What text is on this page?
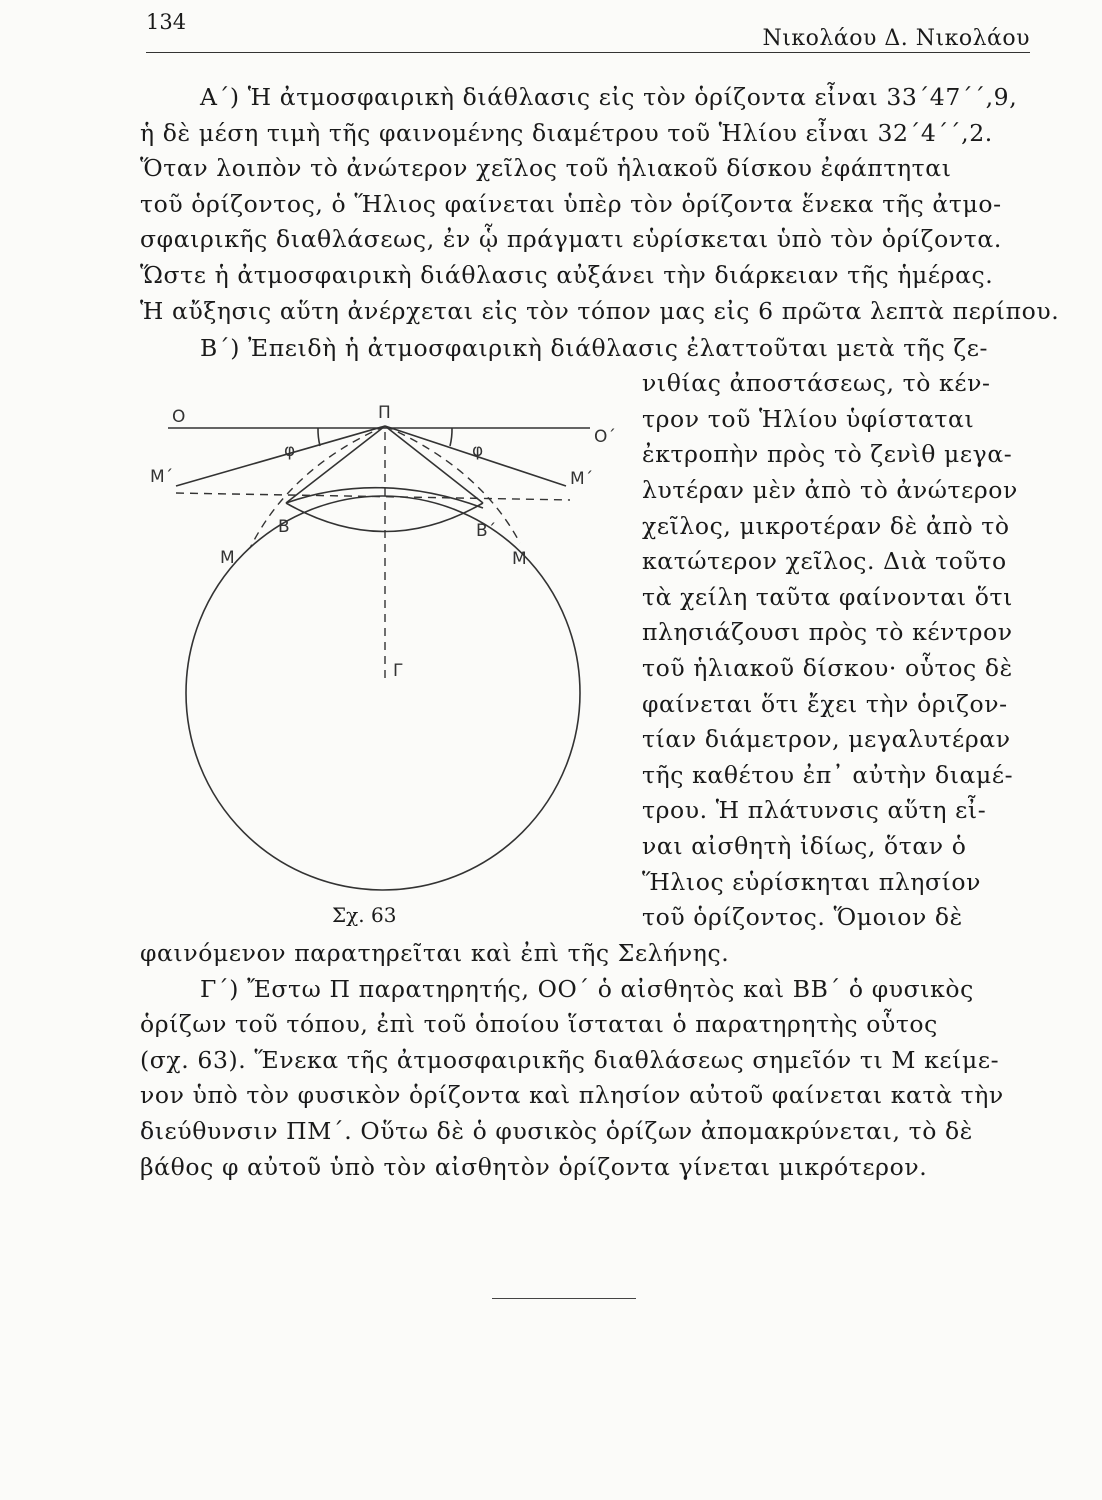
134
Νικολάου Δ. Νικολάου
Α΄) Ἡ ἀτμοσφαιρικὴ διάθλασις εἰς τὸν ὁρίζοντα εἶναι 33΄47΄΄,9,
ἡ δὲ μέση τιμὴ τῆς φαινομένης διαμέτρου τοῦ Ἡλίου εἶναι 32΄4΄΄,2.
Ὅταν λοιπὸν τὸ ἀνώτερον χεῖλος τοῦ ἡλιακοῦ δίσκου ἐφάπτηται
τοῦ ὁρίζοντος, ὁ Ἥλιος φαίνεται ὑπὲρ τὸν ὁρίζοντα ἕνεκα τῆς ἀτμο-
σφαιρικῆς διαθλάσεως, ἐν ᾧ πράγματι εὑρίσκεται ὑπὸ τὸν ὁρίζοντα.
Ὥστε ἡ ἀτμοσφαιρικὴ διάθλασις αὐξάνει τὴν διάρκειαν τῆς ἡμέρας.
Ἡ αὔξησις αὕτη ἀνέρχεται εἰς τὸν τόπον μας εἰς 6 πρῶτα λεπτὰ περίπου.
Β΄) Ἐπειδὴ ἡ ἀτμοσφαιρικὴ διάθλασις ἐλαττοῦται μετὰ τῆς ζε-
νιθίας ἀποστάσεως, τὸ κέν-
τρον τοῦ Ἡλίου ὑφίσταται
ἐκτροπὴν πρὸς τὸ ζενὶθ μεγα-
λυτέραν μὲν ἀπὸ τὸ ἀνώτερον
χεῖλος, μικροτέραν δὲ ἀπὸ τὸ
κατώτερον χεῖλος. Διὰ τοῦτο
τὰ χείλη ταῦτα φαίνονται ὅτι
πλησιάζουσι πρὸς τὸ κέντρον
τοῦ ἡλιακοῦ δίσκου· οὗτος δὲ
φαίνεται ὅτι ἔχει τὴν ὁριζον-
τίαν διάμετρον, μεγαλυτέραν
τῆς καθέτου ἐπ᾿ αὐτὴν διαμέ-
τρου. Ἡ πλάτυνσις αὕτη εἶ-
ναι αἰσθητὴ ἰδίως, ὅταν ὁ
Ἥλιος εὑρίσκηται πλησίον
τοῦ ὁρίζοντος. Ὅμοιον δὲ
φαινόμενον παρατηρεῖται καὶ ἐπὶ τῆς Σελήνης.
Γ΄) Ἔστω Π παρατηρητής, ΟΟ΄ ὁ αἰσθητὸς καὶ ΒΒ΄ ὁ φυσικὸς
ὁρίζων τοῦ τόπου, ἐπὶ τοῦ ὁποίου ἵσταται ὁ παρατηρητὴς οὗτος
(σχ. 63). Ἕνεκα τῆς ἀτμοσφαιρικῆς διαθλάσεως σημεῖόν τι Μ κείμε-
νον ὑπὸ τὸν φυσικὸν ὁρίζοντα καὶ πλησίον αὐτοῦ φαίνεται κατὰ τὴν
διεύθυνσιν ΠΜ΄. Οὕτω δὲ ὁ φυσικὸς ὁρίζων ἀπομακρύνεται, τὸ δὲ
βάθος φ αὐτοῦ ὑπὸ τὸν αἰσθητὸν ὁρίζοντα γίνεται μικρότερον.
Ο	Π
Ο΄
φ	φ
Μ΄	Μ΄
Β	Β΄
Μ	Μ
Γ
Σχ. 63
